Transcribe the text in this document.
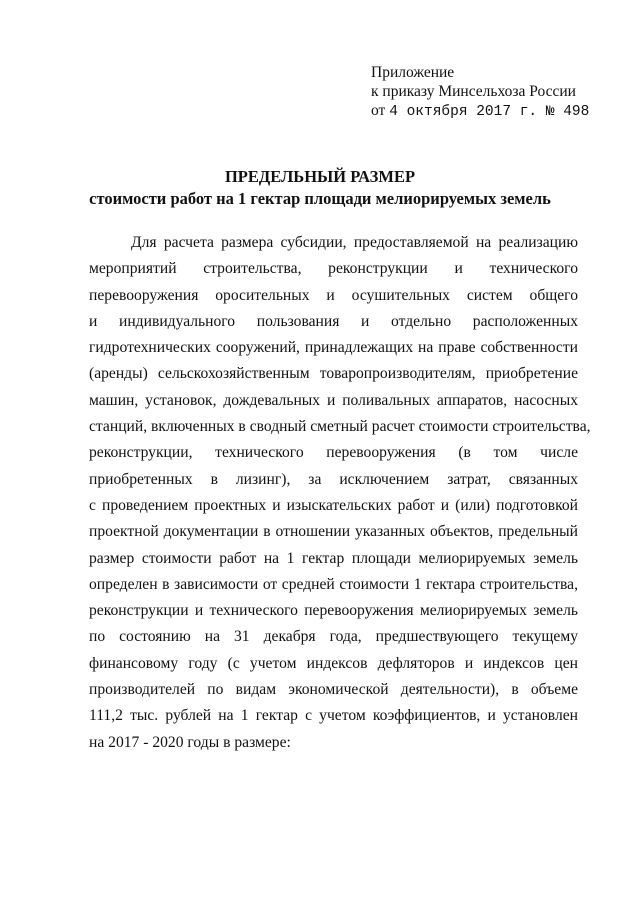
Приложение
к приказу Минсельхоза России
от 4 октября 2017 г. № 498
ПРЕДЕЛЬНЫЙ РАЗМЕР
стоимости работ на 1 гектар площади мелиорируемых земель
Для расчета размера субсидии, предоставляемой на реализацию
мероприятий строительства, реконструкции и технического
перевооружения оросительных и осушительных систем общего
и индивидуального пользования и отдельно расположенных
гидротехнических сооружений, принадлежащих на праве собственности
(аренды) сельскохозяйственным товаропроизводителям, приобретение
машин, установок, дождевальных и поливальных аппаратов, насосных
станций, включенных в сводный сметный расчет стоимости строительства,
реконструкции, технического перевооружения (в том числе
приобретенных в лизинг), за исключением затрат, связанных
с проведением проектных и изыскательских работ и (или) подготовкой
проектной документации в отношении указанных объектов, предельный
размер стоимости работ на 1 гектар площади мелиорируемых земель
определен в зависимости от средней стоимости 1 гектара строительства,
реконструкции и технического перевооружения мелиорируемых земель
по состоянию на 31 декабря года, предшествующего текущему
финансовому году (с учетом индексов дефляторов и индексов цен
производителей по видам экономической деятельности), в объеме
111,2 тыс. рублей на 1 гектар с учетом коэффициентов, и установлен
на 2017 - 2020 годы в размере:
